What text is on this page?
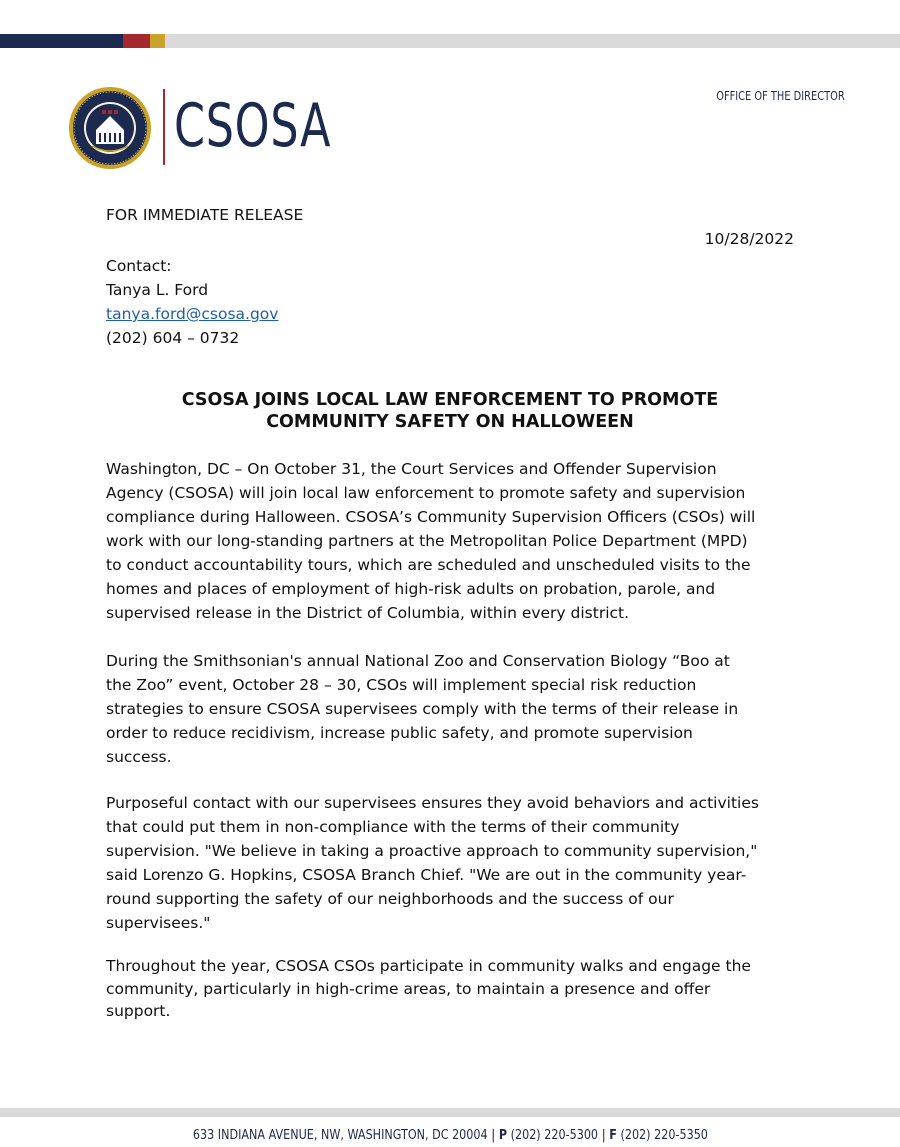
CSOSA	OFFICE OF THE DIRECTOR
FOR IMMEDIATE RELEASE
10/28/2022
Contact:
Tanya L. Ford
tanya.ford@csosa.gov
(202) 604 – 0732
CSOSA JOINS LOCAL LAW ENFORCEMENT TO PROMOTE
COMMUNITY SAFETY ON HALLOWEEN
Washington, DC – On October 31, the Court Services and Offender Supervision
Agency (CSOSA) will join local law enforcement to promote safety and supervision
compliance during Halloween. CSOSA’s Community Supervision Officers (CSOs) will
work with our long-standing partners at the Metropolitan Police Department (MPD)
to conduct accountability tours, which are scheduled and unscheduled visits to the
homes and places of employment of high-risk adults on probation, parole, and
supervised release in the District of Columbia, within every district.
During the Smithsonian's annual National Zoo and Conservation Biology “Boo at
the Zoo” event, October 28 – 30, CSOs will implement special risk reduction
strategies to ensure CSOSA supervisees comply with the terms of their release in
order to reduce recidivism, increase public safety, and promote supervision
success.
Purposeful contact with our supervisees ensures they avoid behaviors and activities
that could put them in non-compliance with the terms of their community
supervision. "We believe in taking a proactive approach to community supervision,"
said Lorenzo G. Hopkins, CSOSA Branch Chief. "We are out in the community year-
round supporting the safety of our neighborhoods and the success of our
supervisees."
Throughout the year, CSOSA CSOs participate in community walks and engage the
community, particularly in high-crime areas, to maintain a presence and offer
support.
633 INDIANA AVENUE, NW, WASHINGTON, DC 20004 | P (202) 220-5300 | F (202) 220-5350
